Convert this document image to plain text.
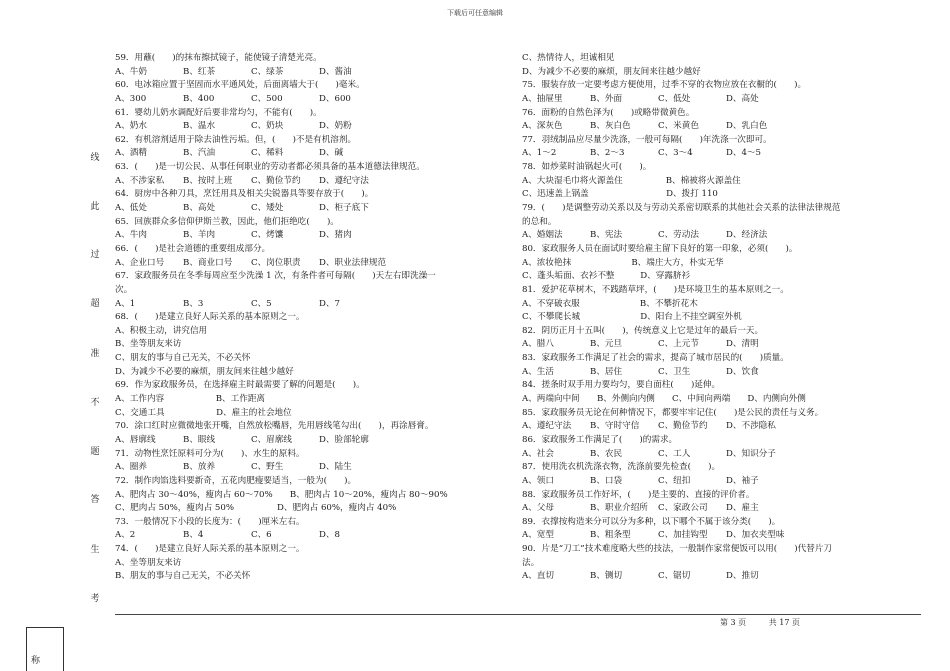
下载后可任意编辑
线
此
过
超
准
不
题
答
生
考
称
59．用蘸(　　)的抹布擦拭镜子，能使镜子清楚光亮。
A、牛奶	B、红茶	C、绿茶	D、酱油
60．电冰箱应置于坚固而水平通风处，后面离墙大于(　　)毫米。
A、300	B、400	C、500	D、600
61．婴幼儿奶水调配好后要非常均匀，不能有(　　)。
A、奶水	B、温水	C、奶块	D、奶粉
62．有机溶剂适用于除去油性污垢。但，(　　)不是有机溶剂。
A、酒精	B、汽油	C、稀料	D、碱
63．(　　)是一切公民、从事任何职业的劳动者都必须具备的基本道德法律规范。
A、不涉家私	B、按时上班	C、勤俭节约	D、遵纪守法
64．厨房中各种刀具，烹饪用具及相关尖锐器具等要存放于(　　)。
A、低处	B、高处	C、矮处	D、柜子底下
65．回族群众多信仰伊斯兰教，因此，他们拒绝吃(　　)。
A、牛肉	B、羊肉	C、烤馕	D、猪肉
66．(　　)是社会道德的重要组成部分。
A、企业口号	B、商业口号	C、岗位职责	D、职业法律规范
67．家政服务员在冬季每周应至少洗澡 1 次，有条件者可每隔(　　)天左右即洗澡一
次。
A、1	B、3	C、5	D、7
68．(　　)是建立良好人际关系的基本原则之一。
A、积极主动，讲究信用
B、坐等朋友来访
C、朋友的事与自己无关，不必关怀
D、为减少不必要的麻烦，朋友间来往越少越好
69．作为家政服务员，在选择雇主时最需要了解的问题是(　　)。
A、工作内容　　　　　　B、工作距离
C、交通工具　　　　　　D、雇主的社会地位
70．涂口红时应微微地张开嘴，自然放松嘴唇，先用唇线笔勾出(　　)，再涂唇膏。
A、唇廓线	B、眼线	C、眉廓线	D、脸部轮廓
71．动物性烹饪原料可分为(　　)、水生的原料。
A、圈养	B、放养	C、野生	D、陆生
72．制作肉馅选料要新奇，五花肉肥瘦要适当，一般为(　　)。
A、肥肉占 30～40%，瘦肉占 60～70%　　B、肥肉占 10～20%，瘦肉占 80～90%
C、肥肉占 50%，瘦肉占 50%　　　　　D、肥肉占 60%，瘦肉占 40%
73．一般情况下小段的长度为：(　　)厘米左右。
A、2	B、4	C、6	D、8
74．(　　)是建立良好人际关系的基本原则之一。
A、坐等朋友来访
B、朋友的事与自己无关，不必关怀
C、热情待人，坦诚相见
D、为减少不必要的麻烦，朋友间来往越少越好
75．服装存放一定要考虑方便使用，过季不穿的衣物应放在衣橱的(　　)。
A、抽屉里	B、外面	C、低处	D、高处
76．面粉的自然色泽为(　　)或略带微黄色。
A、深灰色	B、灰白色	C、米黄色	D、乳白色
77．羽绒制品应尽量少洗涤，一般可每隔(　　)年洗涤一次即可。
A、1～2	B、2～3	C、3～4	D、4～5
78．如炒菜时油锅起火可(　　)。
A、大块湿毛巾将火源盖住　　　　　B、棉被将火源盖住
C、迅速盖上锅盖　　　　　　　　　D、拨打 110
79．(　　)是调整劳动关系以及与劳动关系密切联系的其他社会关系的法律法律规范
的总和。
A、婚姻法	B、宪法	C、劳动法	D、经济法
80．家政服务人员在面试时要给雇主留下良好的第一印象，必须(　　)。
A、浓妆艳抹　　　　　　　B、端庄大方，朴实无华
C、蓬头垢面、衣衫不整　　　D、穿露脐衫
81．爱护花草树木，不践踏草坪，(　　)是环境卫生的基本原则之一。
A、不穿破衣服　　　　　　　B、不攀折花木
C、不攀爬长城　　　　　　　D、阳台上不挂空调室外机
82．阴历正月十五叫(　　)，传统意义上它是过年的最后一天。
A、腊八	B、元旦	C、上元节	D、清明
83．家政服务工作满足了社会的需求，提高了城市居民的(　　)质量。
A、生活	B、居住	C、卫生	D、饮食
84．搓条时双手用力要均匀，要自面柱(　　)延伸。
A、两端向中间　　B、外侧向内侧　　C、中间向两端　　D、内侧向外侧
85．家政服务员无论在何种情况下，都要牢牢记住(　　)是公民的责任与义务。
A、遵纪守法	B、守时守信	C、勤俭节约	D、不涉隐私
86．家政服务工作满足了(　　)的需求。
A、社会	B、农民	C、工人	D、知识分子
87．使用洗衣机洗涤衣物，洗涤前要先检查(　　)。
A、领口	B、口袋	C、纽扣	D、袖子
88．家政服务员工作好坏，(　　)是主要的、直接的评价者。
A、父母	B、职业介绍所 C、家政公司	D、雇主
89．衣撑按构造来分可以分为多种，以下哪个不属于该分类(　　)。
A、宽型	B、粗条型	C、加挂钩型	D、加衣夹型味
90．片是“刀工”技术难度略大些的技法，一般制作家常便饭可以用(　　)代替片刀
法。
A、直切	B、铡切	C、锯切	D、推切
第 3 页	共 17 页
